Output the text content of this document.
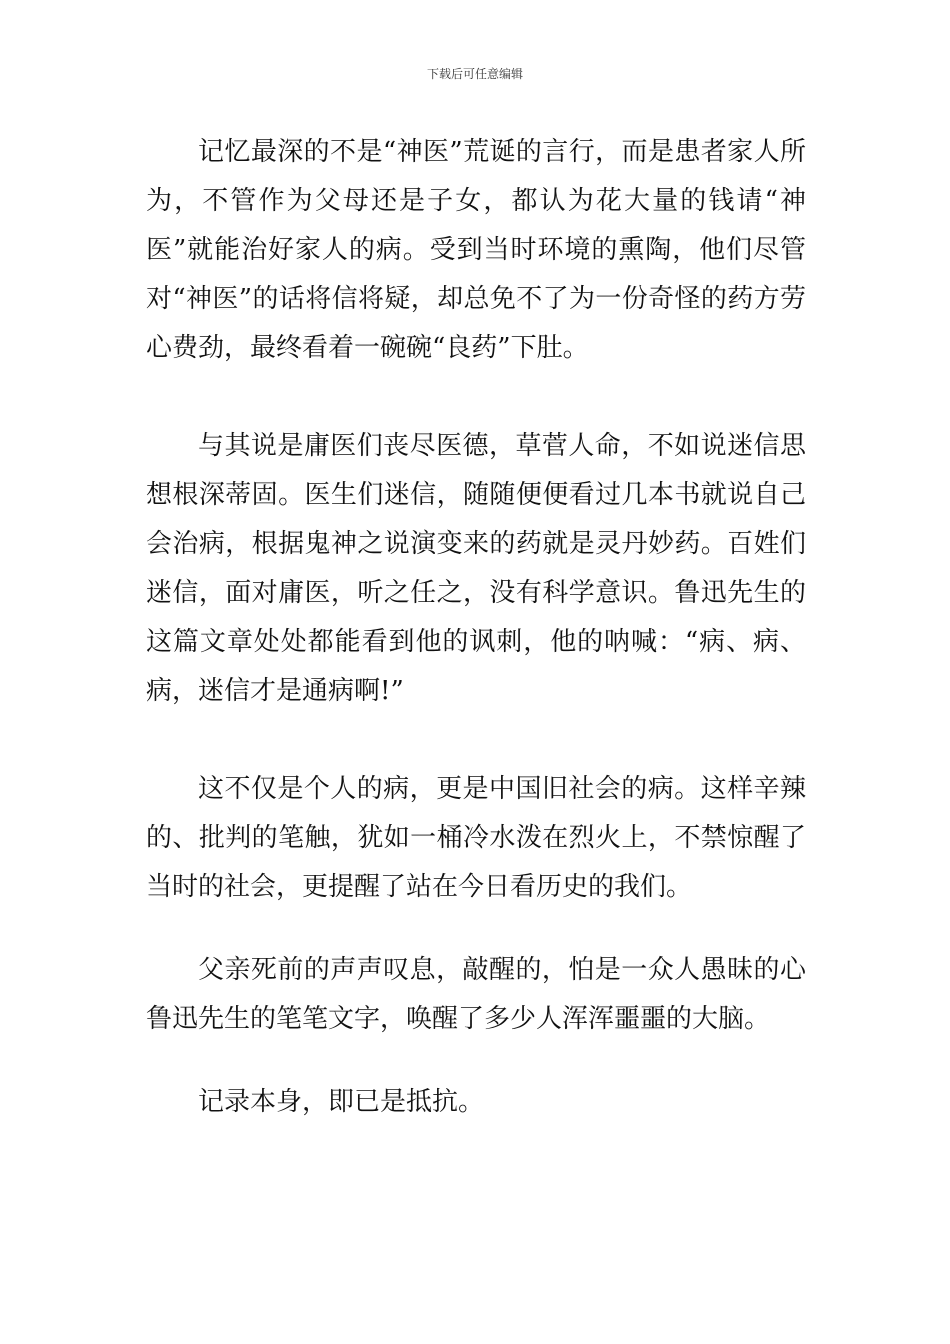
下载后可任意编辑

记忆最深的不是“神医”荒诞的言行，而是患者家人所为，不管作为父母还是子女，都认为花大量的钱请“神医”就能治好家人的病。受到当时环境的熏陶，他们尽管对“神医”的话将信将疑，却总免不了为一份奇怪的药方劳心费劲，最终看着一碗碗“良药”下肚。

与其说是庸医们丧尽医德，草菅人命，不如说迷信思想根深蒂固。医生们迷信，随随便便看过几本书就说自己会治病，根据鬼神之说演变来的药就是灵丹妙药。百姓们迷信，面对庸医，听之任之，没有科学意识。鲁迅先生的这篇文章处处都能看到他的讽刺，他的呐喊：“病、病、病，迷信才是通病啊!”

这不仅是个人的病，更是中国旧社会的病。这样辛辣的、批判的笔触，犹如一桶冷水泼在烈火上，不禁惊醒了当时的社会，更提醒了站在今日看历史的我们。

父亲死前的声声叹息，敲醒的，怕是一众人愚昧的心鲁迅先生的笔笔文字，唤醒了多少人浑浑噩噩的大脑。

记录本身，即已是抵抗。
